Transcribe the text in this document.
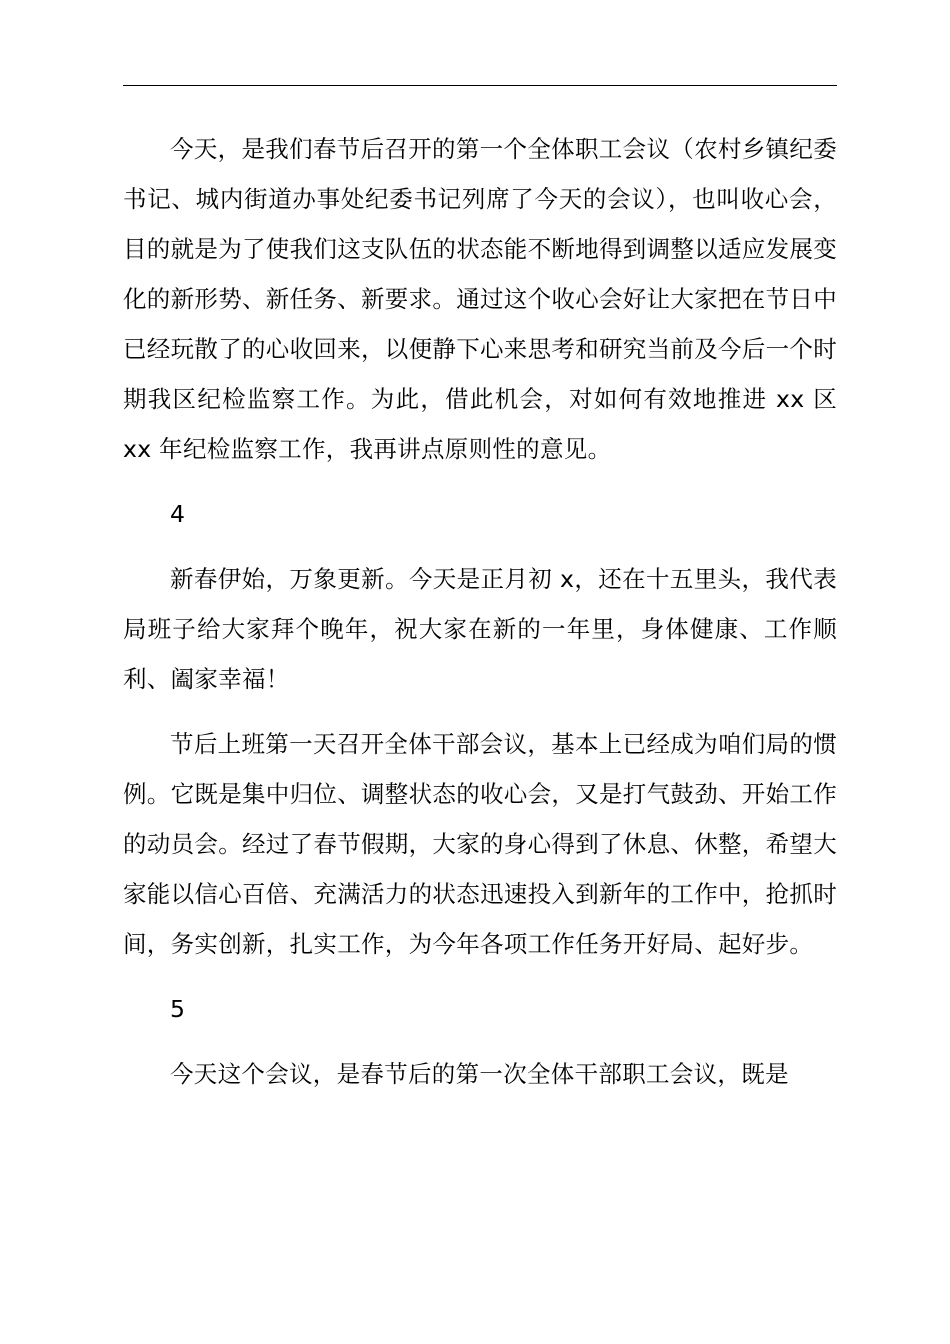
今天，是我们春节后召开的第一个全体职工会议（农村乡镇纪委书记、城内街道办事处纪委书记列席了今天的会议），也叫收心会，目的就是为了使我们这支队伍的状态能不断地得到调整以适应发展变化的新形势、新任务、新要求。通过这个收心会好让大家把在节日中已经玩散了的心收回来，以便静下心来思考和研究当前及今后一个时期我区纪检监察工作。为此，借此机会，对如何有效地推进 xx 区 xx 年纪检监察工作，我再讲点原则性的意见。

4

新春伊始，万象更新。今天是正月初 x，还在十五里头，我代表局班子给大家拜个晚年，祝大家在新的一年里，身体健康、工作顺利、阖家幸福！

节后上班第一天召开全体干部会议，基本上已经成为咱们局的惯例。它既是集中归位、调整状态的收心会，又是打气鼓劲、开始工作的动员会。经过了春节假期，大家的身心得到了休息、休整，希望大家能以信心百倍、充满活力的状态迅速投入到新年的工作中，抢抓时间，务实创新，扎实工作，为今年各项工作任务开好局、起好步。

5

今天这个会议，是春节后的第一次全体干部职工会议，既是
